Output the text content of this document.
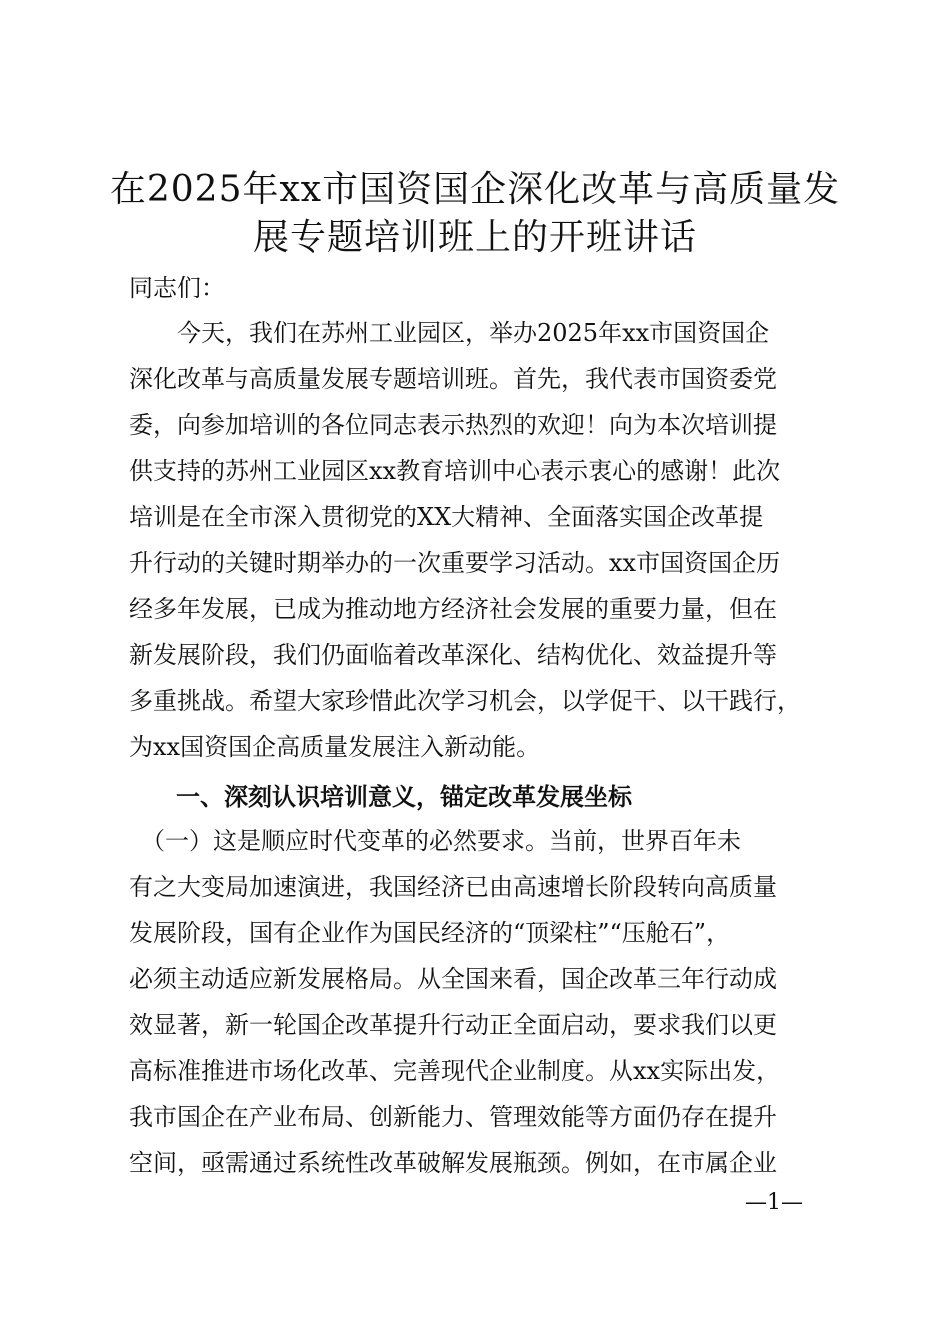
在2025年xx市国资国企深化改革与高质量发
展专题培训班上的开班讲话

同志们：

　　今天，我们在苏州工业园区，举办2025年xx市国资国企
深化改革与高质量发展专题培训班。首先，我代表市国资委党
委，向参加培训的各位同志表示热烈的欢迎！向为本次培训提
供支持的苏州工业园区xx教育培训中心表示衷心的感谢！此次
培训是在全市深入贯彻党的XX大精神、全面落实国企改革提
升行动的关键时期举办的一次重要学习活动。xx市国资国企历
经多年发展，已成为推动地方经济社会发展的重要力量，但在
新发展阶段，我们仍面临着改革深化、结构优化、效益提升等
多重挑战。希望大家珍惜此次学习机会，以学促干、以干践行，
为xx国资国企高质量发展注入新动能。
一、深刻认识培训意义，锚定改革发展坐标
　（一）这是顺应时代变革的必然要求。当前，世界百年未
有之大变局加速演进，我国经济已由高速增长阶段转向高质量
发展阶段，国有企业作为国民经济的“顶梁柱”“压舱石”，
必须主动适应新发展格局。从全国来看，国企改革三年行动成
效显著，新一轮国企改革提升行动正全面启动，要求我们以更
高标准推进市场化改革、完善现代企业制度。从xx实际出发，
我市国企在产业布局、创新能力、管理效能等方面仍存在提升
空间，亟需通过系统性改革破解发展瓶颈。例如，在市属企业
—1—
